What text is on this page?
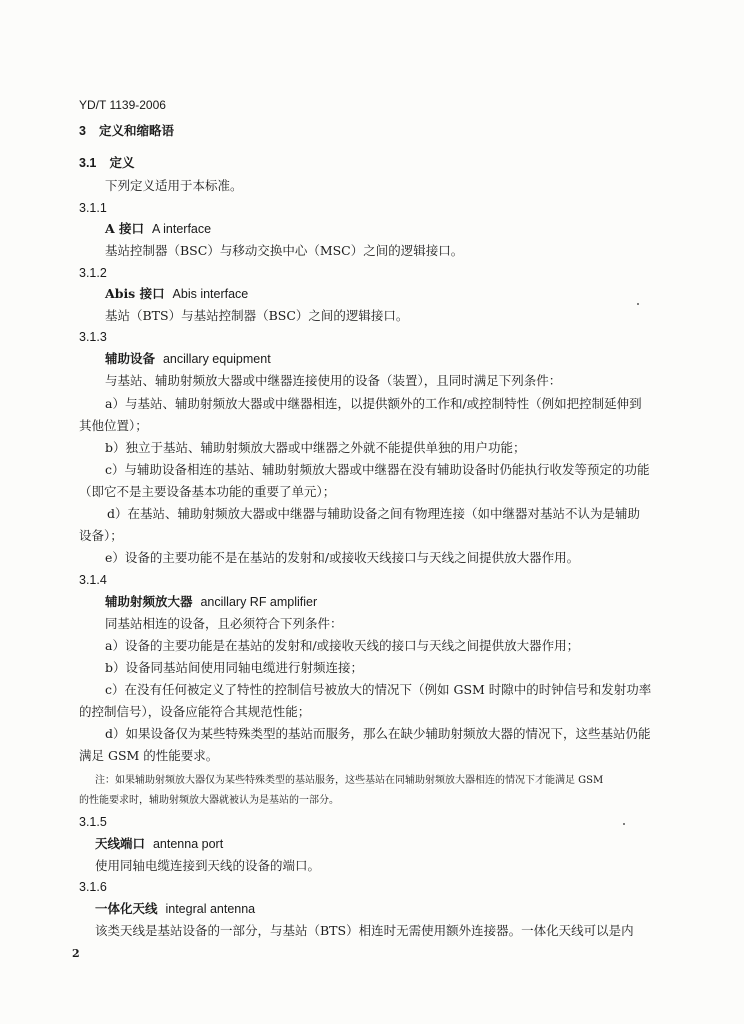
YD/T 1139-2006
3 定义和缩略语
3.1 定义
下列定义适用于本标准。
3.1.1
A 接口 A interface
基站控制器（BSC）与移动交换中心（MSC）之间的逻辑接口。
3.1.2
Abis 接口 Abis interface
基站（BTS）与基站控制器（BSC）之间的逻辑接口。
3.1.3
辅助设备 ancillary equipment
与基站、辅助射频放大器或中继器连接使用的设备（装置），且同时满足下列条件：
a）与基站、辅助射频放大器或中继器相连，以提供额外的工作和/或控制特性（例如把控制延伸到
其他位置）；
b）独立于基站、辅助射频放大器或中继器之外就不能提供单独的用户功能；
c）与辅助设备相连的基站、辅助射频放大器或中继器在没有辅助设备时仍能执行收发等预定的功能
（即它不是主要设备基本功能的重要了单元）；
d）在基站、辅助射频放大器或中继器与辅助设备之间有物理连接（如中继器对基站不认为是辅助
设备）；
e）设备的主要功能不是在基站的发射和/或接收天线接口与天线之间提供放大器作用。
3.1.4
辅助射频放大器 ancillary RF amplifier
同基站相连的设备，且必须符合下列条件：
a）设备的主要功能是在基站的发射和/或接收天线的接口与天线之间提供放大器作用；
b）设备同基站间使用同轴电缆进行射频连接；
c）在没有任何被定义了特性的控制信号被放大的情况下（例如 GSM 时隙中的时钟信号和发射功率
的控制信号），设备应能符合其规范性能；
d）如果设备仅为某些特殊类型的基站而服务，那么在缺少辅助射频放大器的情况下，这些基站仍能
满足 GSM 的性能要求。
注：如果辅助射频放大器仅为某些特殊类型的基站服务，这些基站在同辅助射频放大器相连的情况下才能满足 GSM
的性能要求时，辅助射频放大器就被认为是基站的一部分。
3.1.5
天线端口 antenna port
使用同轴电缆连接到天线的设备的端口。
3.1.6
一体化天线 integral antenna
该类天线是基站设备的一部分，与基站（BTS）相连时无需使用额外连接器。一体化天线可以是内
2
